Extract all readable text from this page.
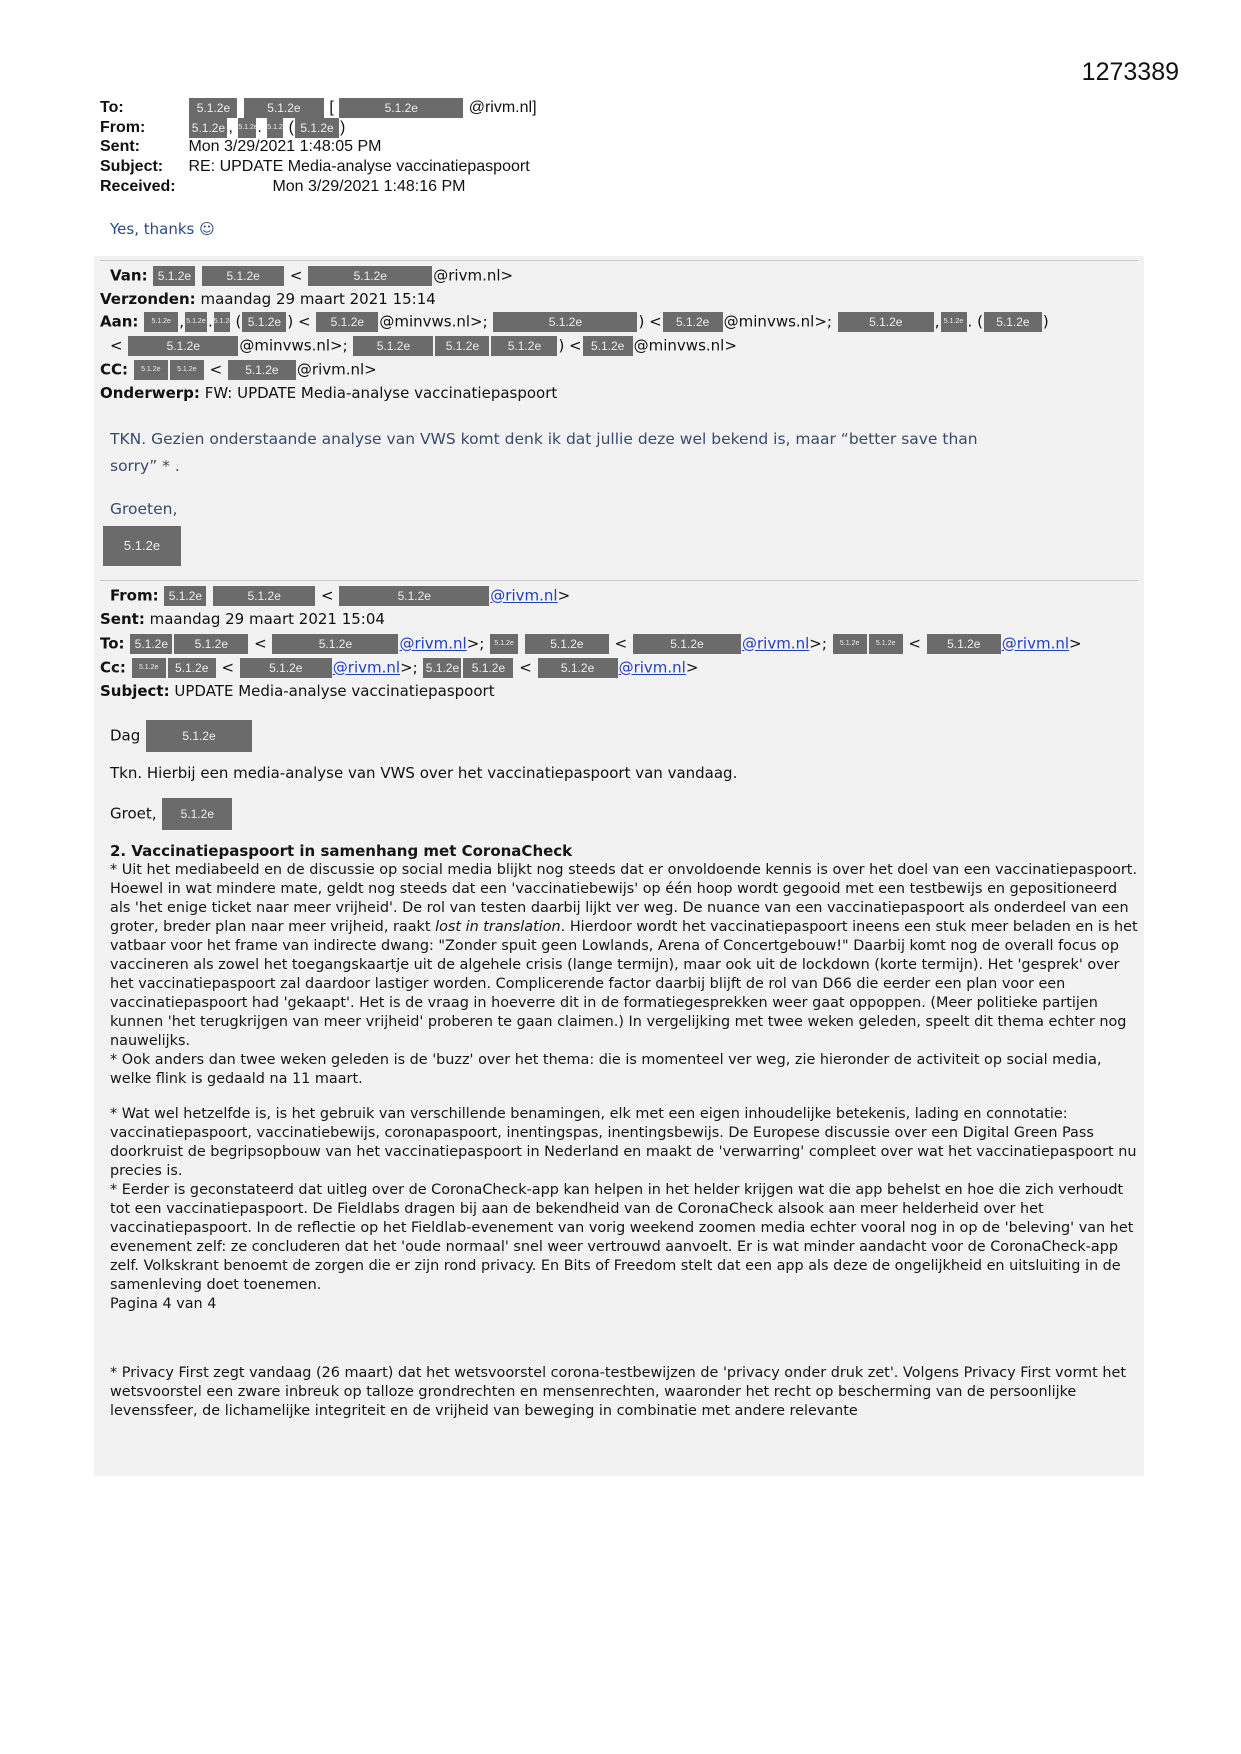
1273389
To:	5.1.2e	5.1.2e [	5.1.2e	@rivm.nl]
From:	5.1.2e , 5.1.2e. 5.1.2e ( 5.1.2e )
Sent:	Mon 3/29/2021 1:48:05 PM
Subject: RE: UPDATE Media-analyse vaccinatiepaspoort
Received:	Mon 3/29/2021 1:48:16 PM
Yes, thanks ☺
Van: 5.1.2e	5.1.2e <	5.1.2e	@rivm.nl>
Verzonden: maandag 29 maart 2021 15:14
Aan: 5.1.2e , 5.1.2e .5.1.2e ( 5.1.2e ) < 5.1.2e @minvws.nl>;	5.1.2e	) < 5.1.2e @minvws.nl>;	5.1.2e , 5.1.2e . ( 5.1.2e )
<	5.1.2e	@minvws.nl>; 5.1.2e	5.1.2e 5.1.2e ) < 5.1.2e @minvws.nl>
CC: 5.1.2e 5.1.2e < 5.1.2e @rivm.nl>
Onderwerp: FW: UPDATE Media-analyse vaccinatiepaspoort
TKN. Gezien onderstaande analyse van VWS komt denk ik dat jullie deze wel bekend is, maar “better save than
sorry” * .
Groeten,
5.1.2e
From: 5.1.2e	5.1.2e <	5.1.2e	@rivm.nl>
Sent: maandag 29 maart 2021 15:04
To: 5.1.2e 5.1.2e <	5.1.2e	@rivm.nl>; 5.1.2e	5.1.2e <	5.1.2e	@rivm.nl>; 5.1.2e 5.1.2e < 5.1.2e @rivm.nl>
Cc: 5.1.2e 5.1.2e <	5.1.2e @rivm.nl>; 5.1.2e 5.1.2e < 5.1.2e @rivm.nl>
Subject: UPDATE Media-analyse vaccinatiepaspoort
Dag	5.1.2e
Tkn. Hierbij een media-analyse van VWS over het vaccinatiepaspoort van vandaag.
Groet, 5.1.2e

2. Vaccinatiepaspoort in samenhang met CoronaCheck

* Uit het mediabeeld en de discussie op social media blijkt nog steeds dat er onvoldoende kennis is over het doel van een vaccinatiepaspoort. Hoewel in wat mindere mate, geldt nog steeds dat een 'vaccinatiebewijs' op één hoop wordt gegooid met een testbewijs en gepositioneerd als 'het enige ticket naar meer vrijheid'. De rol van testen daarbij lijkt ver weg. De nuance van een vaccinatiepaspoort als onderdeel van een groter, breder plan naar meer vrijheid, raakt lost in translation. Hierdoor wordt het vaccinatiepaspoort ineens een stuk meer beladen en is het vatbaar voor het frame van indirecte dwang: "Zonder spuit geen Lowlands, Arena of Concertgebouw!" Daarbij komt nog de overall focus op vaccineren als zowel het toegangskaartje uit de algehele crisis (lange termijn), maar ook uit de lockdown (korte termijn). Het 'gesprek' over het vaccinatiepaspoort zal daardoor lastiger worden. Complicerende factor daarbij blijft de rol van D66 die eerder een plan voor een vaccinatiepaspoort had 'gekaapt'. Het is de vraag in hoeverre dit in de formatiegesprekken weer gaat oppoppen. (Meer politieke partijen kunnen 'het terugkrijgen van meer vrijheid' proberen te gaan claimen.) In vergelijking met twee weken geleden, speelt dit thema echter nog nauwelijks.

* Ook anders dan twee weken geleden is de 'buzz' over het thema: die is momenteel ver weg, zie hieronder de activiteit op social media, welke flink is gedaald na 11 maart.

* Wat wel hetzelfde is, is het gebruik van verschillende benamingen, elk met een eigen inhoudelijke betekenis, lading en connotatie: vaccinatiepaspoort, vaccinatiebewijs, coronapaspoort, inentingspas, inentingsbewijs. De Europese discussie over een Digital Green Pass doorkruist de begripsopbouw van het vaccinatiepaspoort in Nederland en maakt de 'verwarring' compleet over wat het vaccinatiepaspoort nu precies is.

* Eerder is geconstateerd dat uitleg over de CoronaCheck-app kan helpen in het helder krijgen wat die app behelst en hoe die zich verhoudt tot een vaccinatiepaspoort. De Fieldlabs dragen bij aan de bekendheid van de CoronaCheck alsook aan meer helderheid over het vaccinatiepaspoort. In de reflectie op het Fieldlab-evenement van vorig weekend zoomen media echter vooral nog in op de 'beleving' van het evenement zelf: ze concluderen dat het 'oude normaal' snel weer vertrouwd aanvoelt. Er is wat minder aandacht voor de CoronaCheck-app zelf. Volkskrant benoemt de zorgen die er zijn rond privacy. En Bits of Freedom stelt dat een app als deze de ongelijkheid en uitsluiting in de samenleving doet toenemen.

Pagina 4 van 4

* Privacy First zegt vandaag (26 maart) dat het wetsvoorstel corona-testbewijzen de 'privacy onder druk zet'. Volgens Privacy First vormt het wetsvoorstel een zware inbreuk op talloze grondrechten en mensenrechten, waaronder het recht op bescherming van de persoonlijke levenssfeer, de lichamelijke integriteit en de vrijheid van beweging in combinatie met andere relevante
